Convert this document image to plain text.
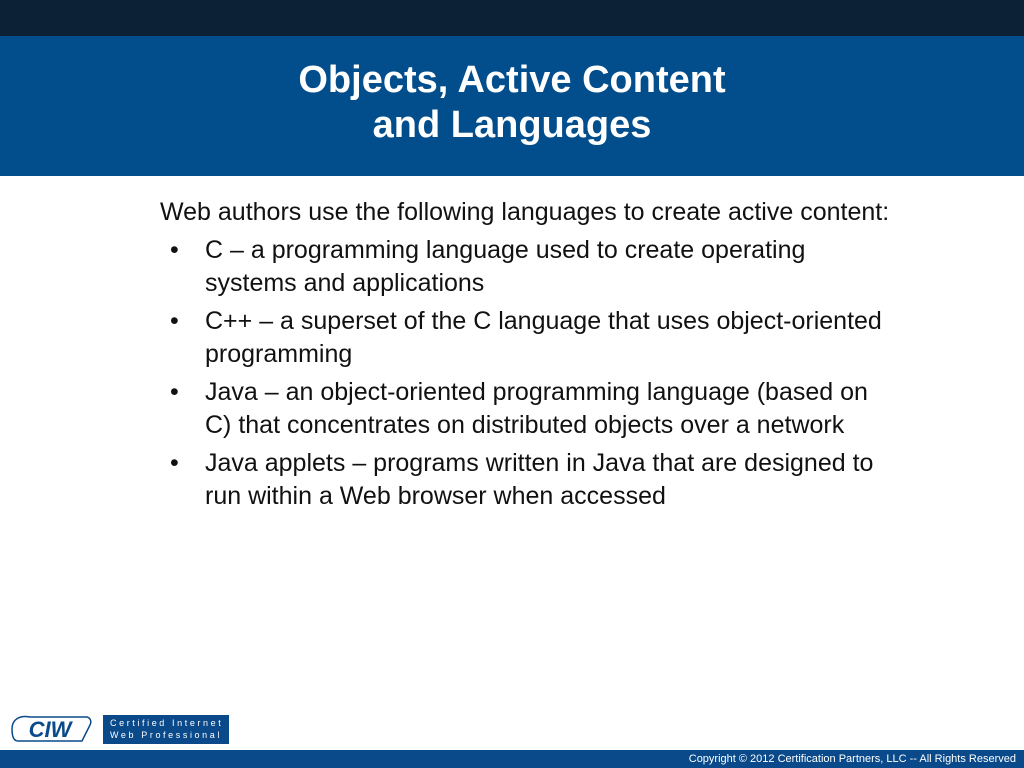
Objects, Active Content
and Languages

Web authors use the following languages to create active content:

• C – a programming language used to create operating systems and applications
• C++ – a superset of the C language that uses object-oriented programming
• Java – an object-oriented programming language (based on C) that concentrates on distributed objects over a network
• Java applets – programs written in Java that are designed to run within a Web browser when accessed
CIW	Certified Internet
Web Professional
Copyright © 2012 Certification Partners, LLC -- All Rights Reserved
